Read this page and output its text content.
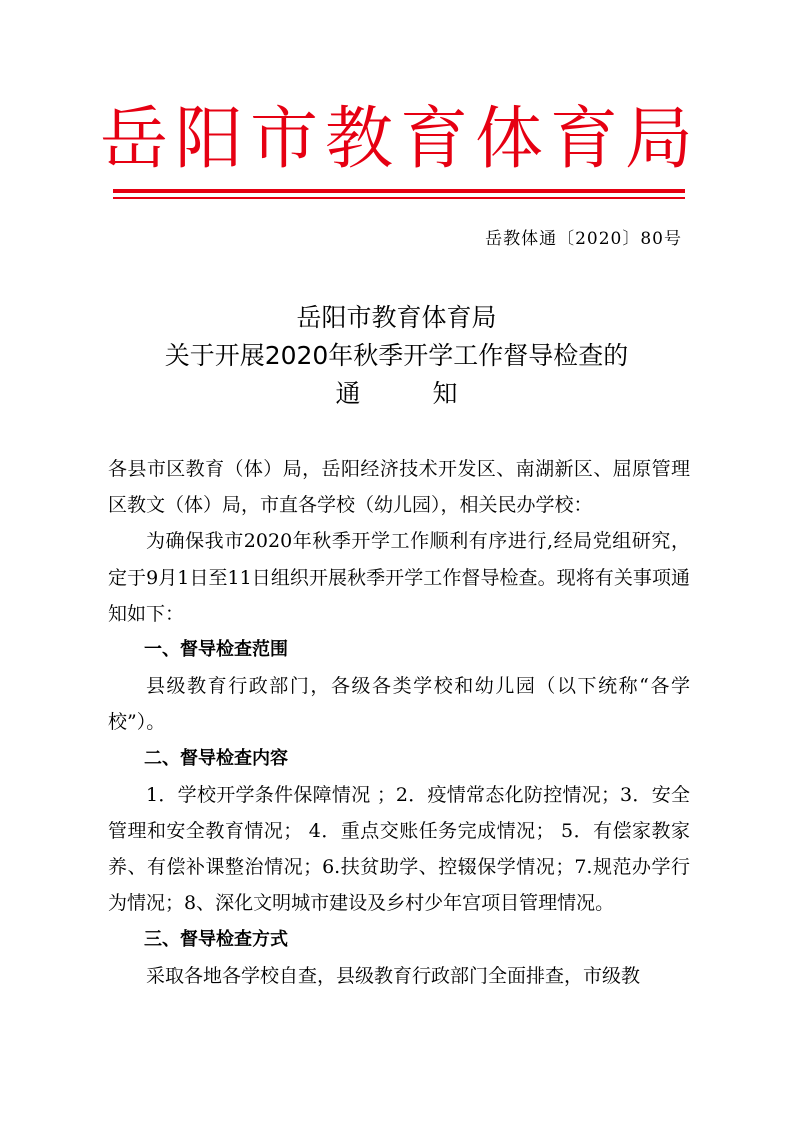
岳 阳 市 教 育 体 育 局
岳教体通〔2020〕80号
岳阳市教育体育局
关于开展2020年秋季开学工作督导检查的
通	知

各县市区教育（体）局，岳阳经济技术开发区、南湖新区、屈原管理区教文（体）局，市直各学校（幼儿园），相关民办学校：

为确保我市2020年秋季开学工作顺利有序进行,经局党组研究，定于9月1日至11日组织开展秋季开学工作督导检查。现将有关事项通知如下：

一、督导检查范围

县级教育行政部门，各级各类学校和幼儿园（以下统称“各学校”）。

二、督导检查内容

1．学校开学条件保障情况 ；2．疫情常态化防控情况；3．安全管理和安全教育情况； 4．重点交账任务完成情况； 5．有偿家教家养、有偿补课整治情况；6.扶贫助学、控辍保学情况；7.规范办学行为情况；8、深化文明城市建设及乡村少年宫项目管理情况。

三、督导检查方式

采取各地各学校自查，县级教育行政部门全面排查，市级教
